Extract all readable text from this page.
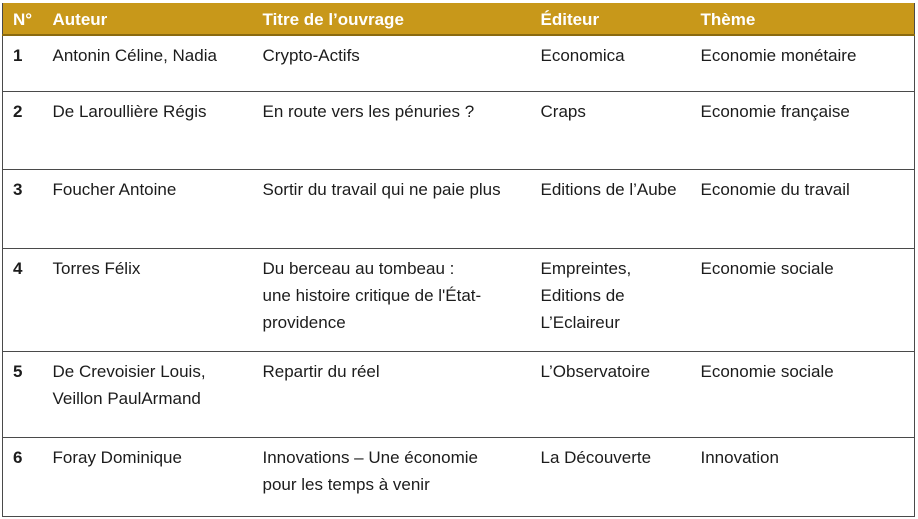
N°	Auteur	Titre de l’ouvrage	Éditeur	Thème
1	Antonin Céline, Nadia	Crypto-Actifs	Economica	Economie monétaire

2	De Laroullière Régis	En route vers les pénuries ?	Craps	Economie française

3	Foucher Antoine	Sortir du travail qui ne paie plus	Editions de l’Aube	Economie du travail

4	Torres Félix	Du berceau au tombeau :
une histoire critique de l'État-
providence	Empreintes,
Editions de
L’Eclaireur	Economie sociale

5	De Crevoisier Louis,
Veillon PaulArmand	Repartir du réel	L’Observatoire	Economie sociale

6	Foray Dominique	Innovations – Une économie
pour les temps à venir	La Découverte	Innovation
